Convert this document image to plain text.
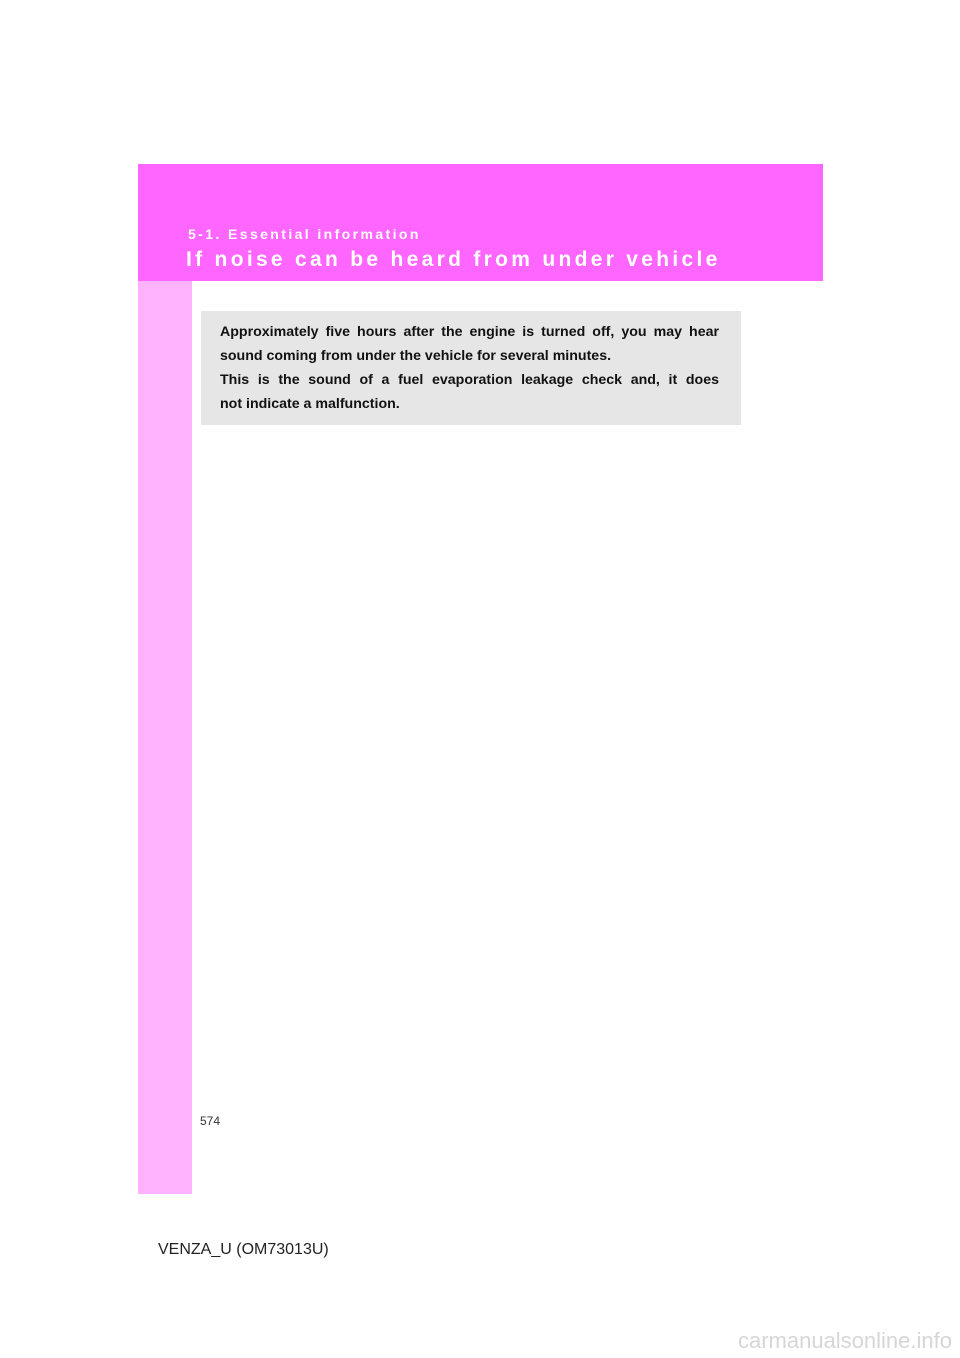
5-1. Essential information
If noise can be heard from under vehicle

Approximately five hours after the engine is turned off, you may hear
sound coming from under the vehicle for several minutes.
This is the sound of a fuel evaporation leakage check and, it does
not indicate a malfunction.

574
VENZA_U (OM73013U)
carmanualsonline.info
